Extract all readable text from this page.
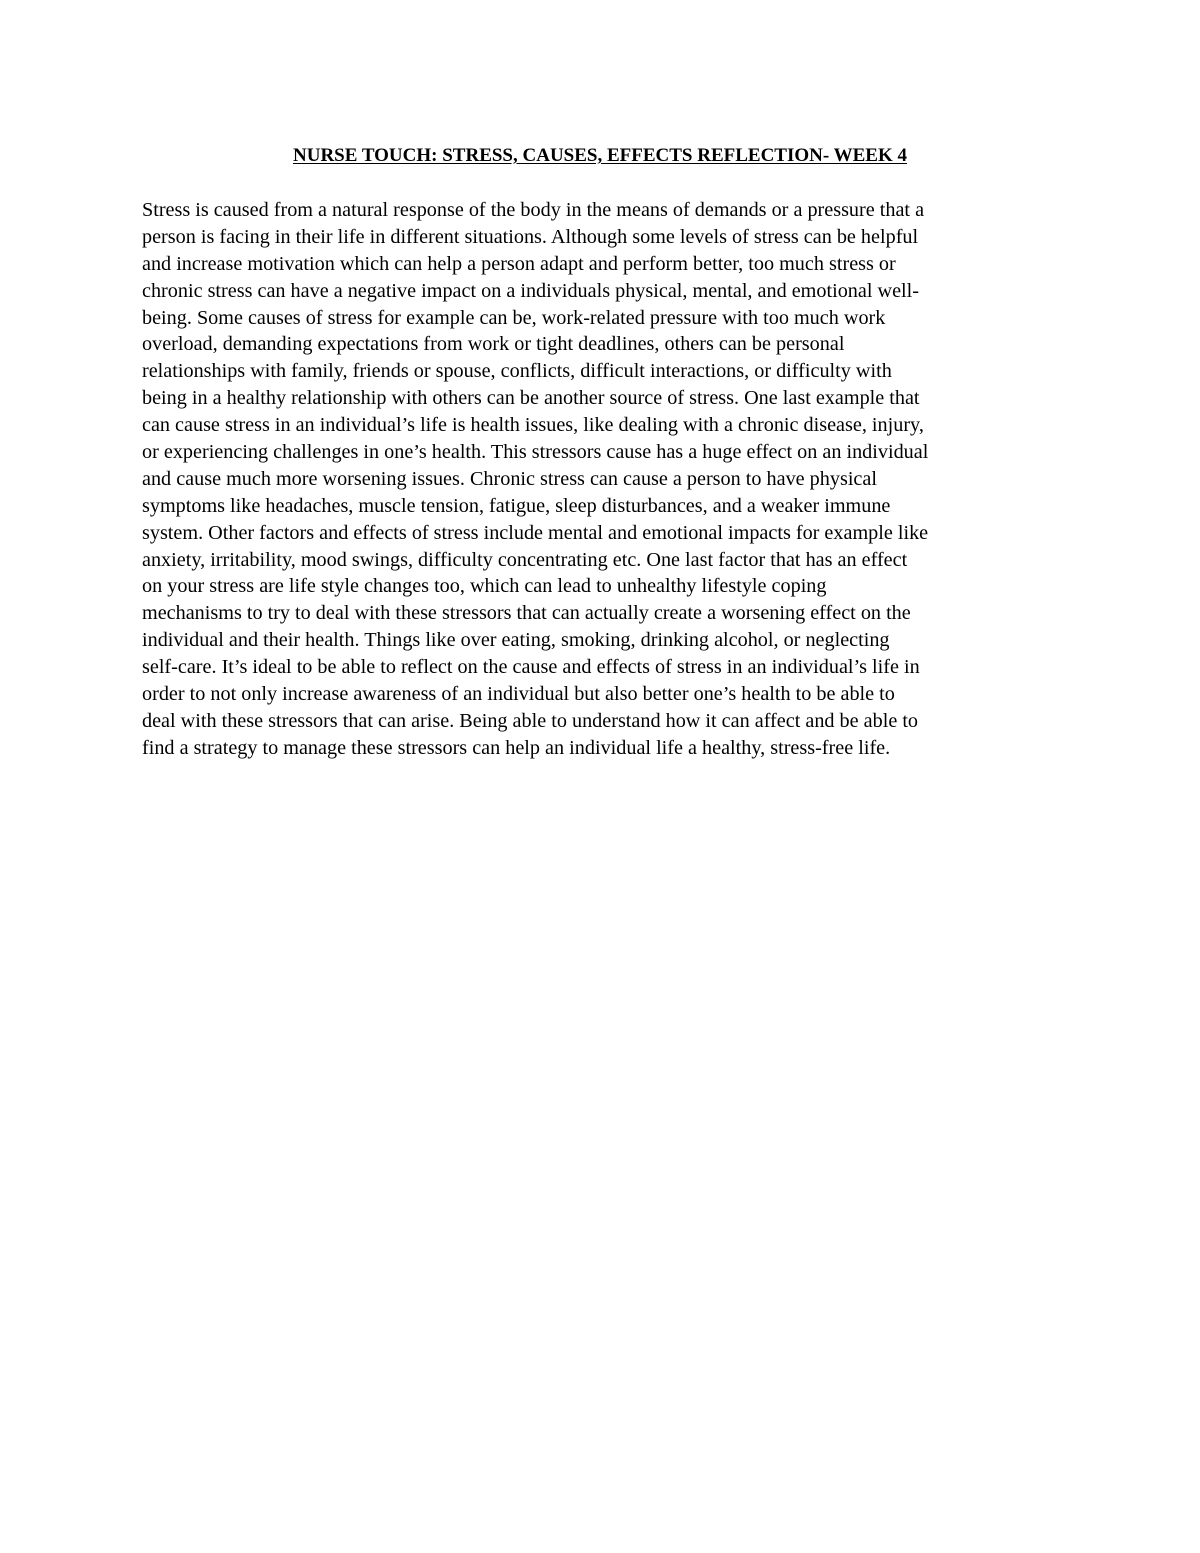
NURSE TOUCH: STRESS, CAUSES, EFFECTS REFLECTION- WEEK 4
Stress is caused from a natural response of the body in the means of demands or a pressure that a
person is facing in their life in different situations. Although some levels of stress can be helpful
and increase motivation which can help a person adapt and perform better, too much stress or
chronic stress can have a negative impact on a individuals physical, mental, and emotional well-
being. Some causes of stress for example can be, work-related pressure with too much work
overload, demanding expectations from work or tight deadlines, others can be personal
relationships with family, friends or spouse, conflicts, difficult interactions, or difficulty with
being in a healthy relationship with others can be another source of stress. One last example that
can cause stress in an individual’s life is health issues, like dealing with a chronic disease, injury,
or experiencing challenges in one’s health. This stressors cause has a huge effect on an individual
and cause much more worsening issues. Chronic stress can cause a person to have physical
symptoms like headaches, muscle tension, fatigue, sleep disturbances, and a weaker immune
system. Other factors and effects of stress include mental and emotional impacts for example like
anxiety, irritability, mood swings, difficulty concentrating etc. One last factor that has an effect
on your stress are life style changes too, which can lead to unhealthy lifestyle coping
mechanisms to try to deal with these stressors that can actually create a worsening effect on the
individual and their health. Things like over eating, smoking, drinking alcohol, or neglecting
self-care. It’s ideal to be able to reflect on the cause and effects of stress in an individual’s life in
order to not only increase awareness of an individual but also better one’s health to be able to
deal with these stressors that can arise. Being able to understand how it can affect and be able to
find a strategy to manage these stressors can help an individual life a healthy, stress-free life.
